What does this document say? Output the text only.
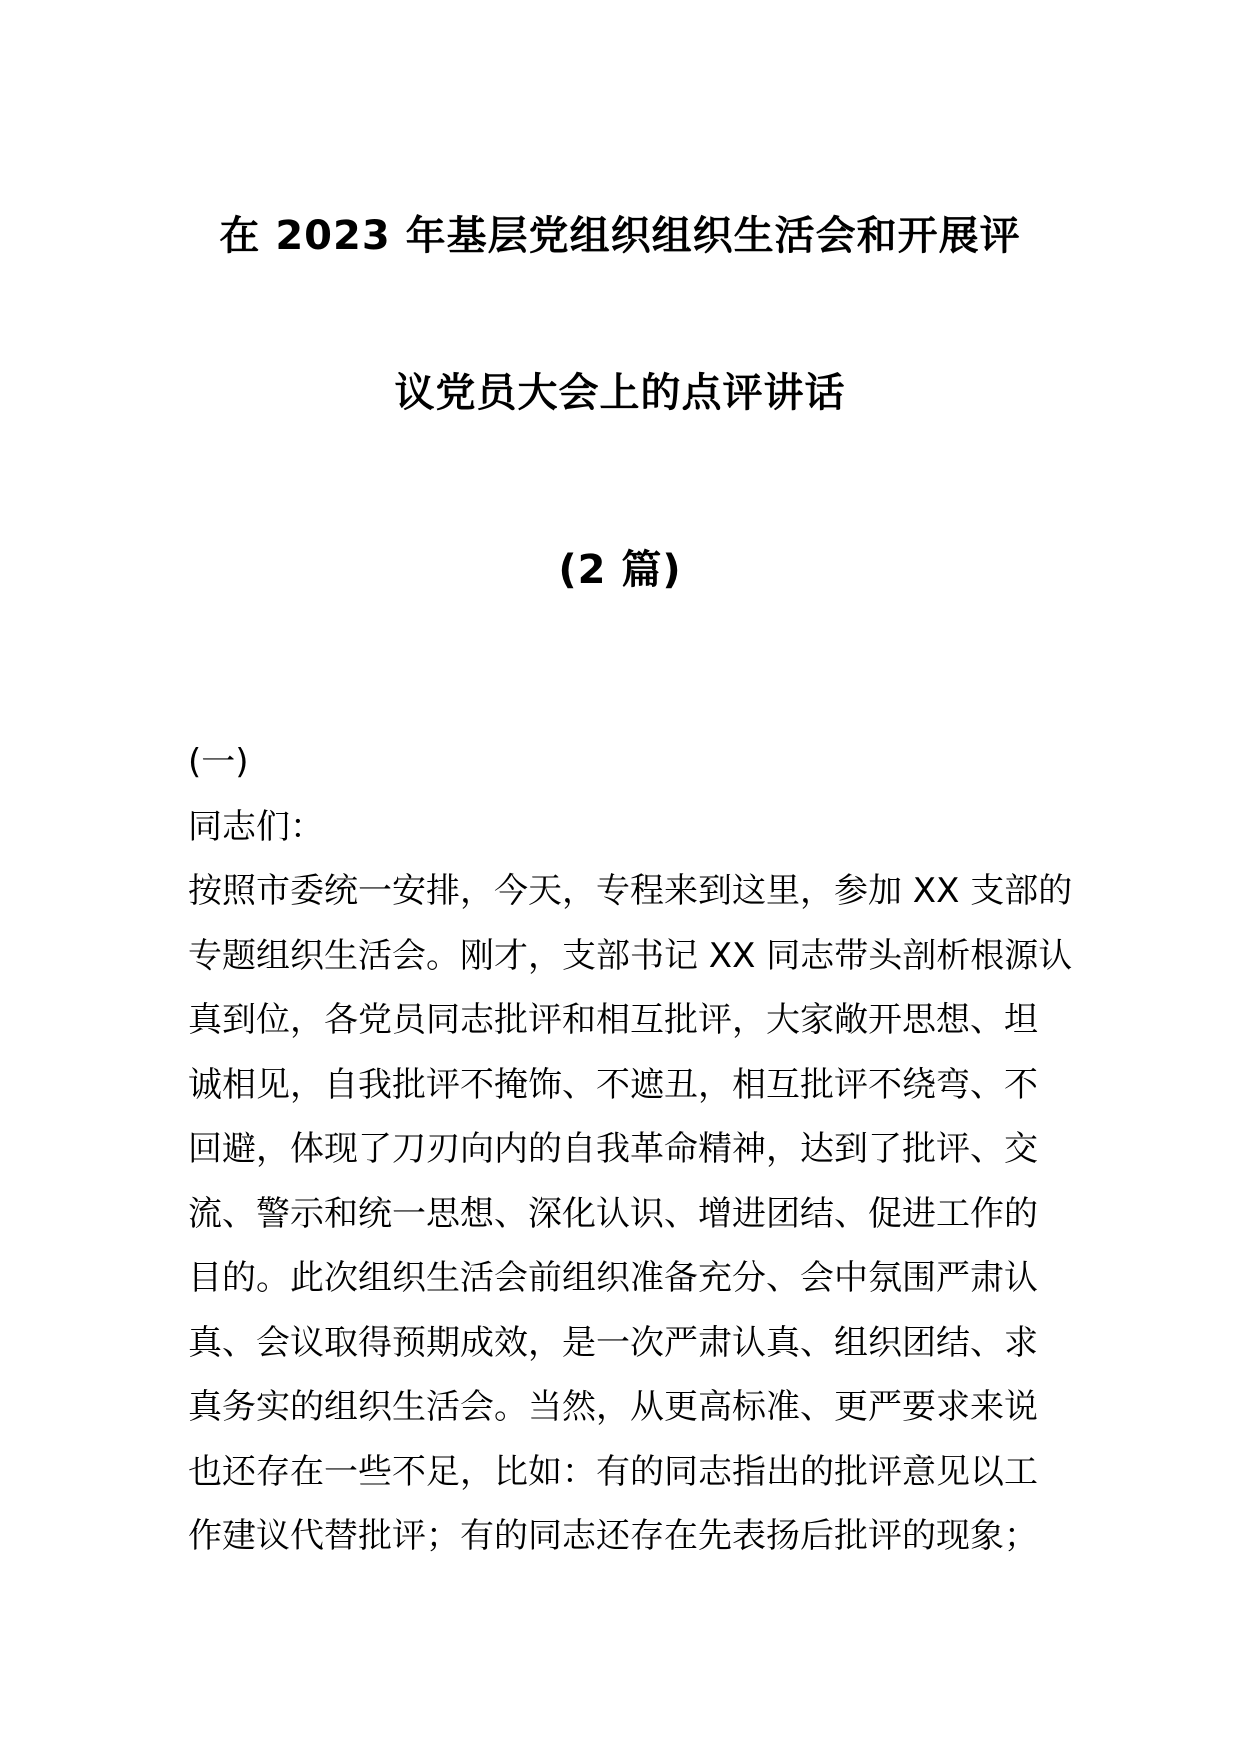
在 2023 年基层党组织组织生活会和开展评
议党员大会上的点评讲话
(2 篇)
(一)
同志们：
按照市委统一安排，今天，专程来到这里，参加 XX 支部的
专题组织生活会。刚才，支部书记 XX 同志带头剖析根源认
真到位，各党员同志批评和相互批评，大家敞开思想、坦
诚相见，自我批评不掩饰、不遮丑，相互批评不绕弯、不
回避，体现了刀刃向内的自我革命精神，达到了批评、交
流、警示和统一思想、深化认识、增进团结、促进工作的
目的。此次组织生活会前组织准备充分、会中氛围严肃认
真、会议取得预期成效，是一次严肃认真、组织团结、求
真务实的组织生活会。当然，从更高标准、更严要求来说
也还存在一些不足，比如：有的同志指出的批评意见以工
作建议代替批评；有的同志还存在先表扬后批评的现象；
